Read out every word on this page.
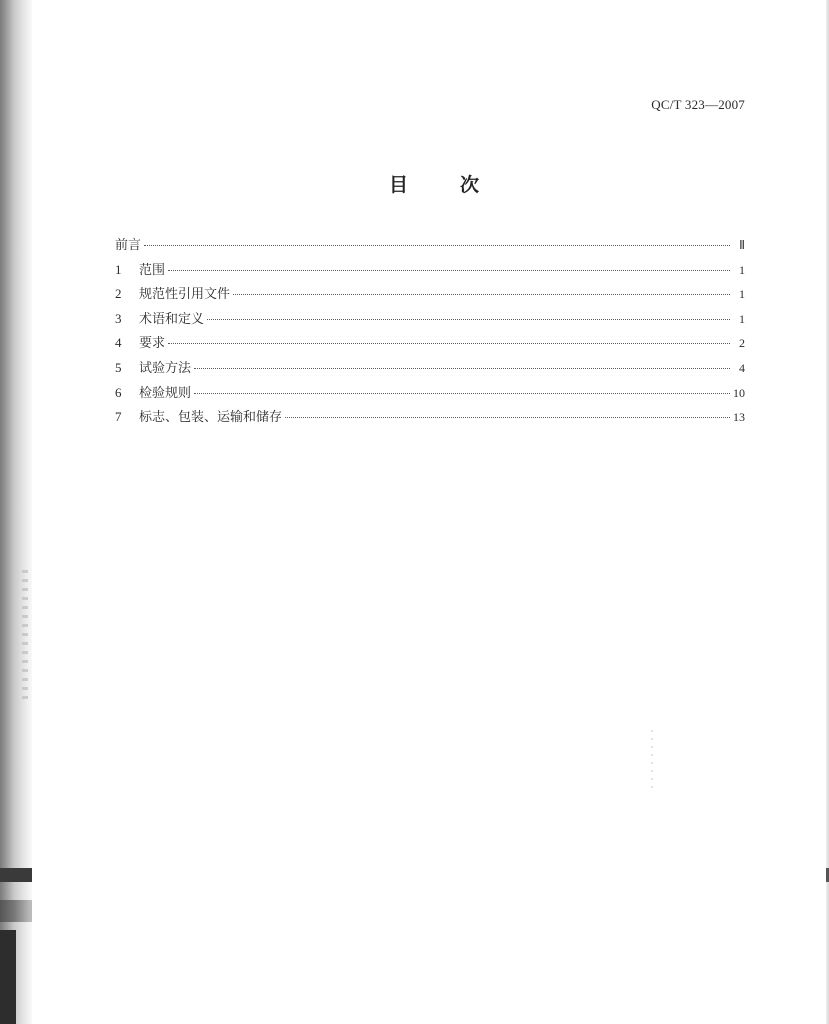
QC/T 323—2007
目	次
前言	Ⅱ
1	范围	1
2	规范性引用文件	1
3	术语和定义	1
4	要求	2
5	试验方法	4
6	检验规则	10
7	标志、包装、运输和储存	13
